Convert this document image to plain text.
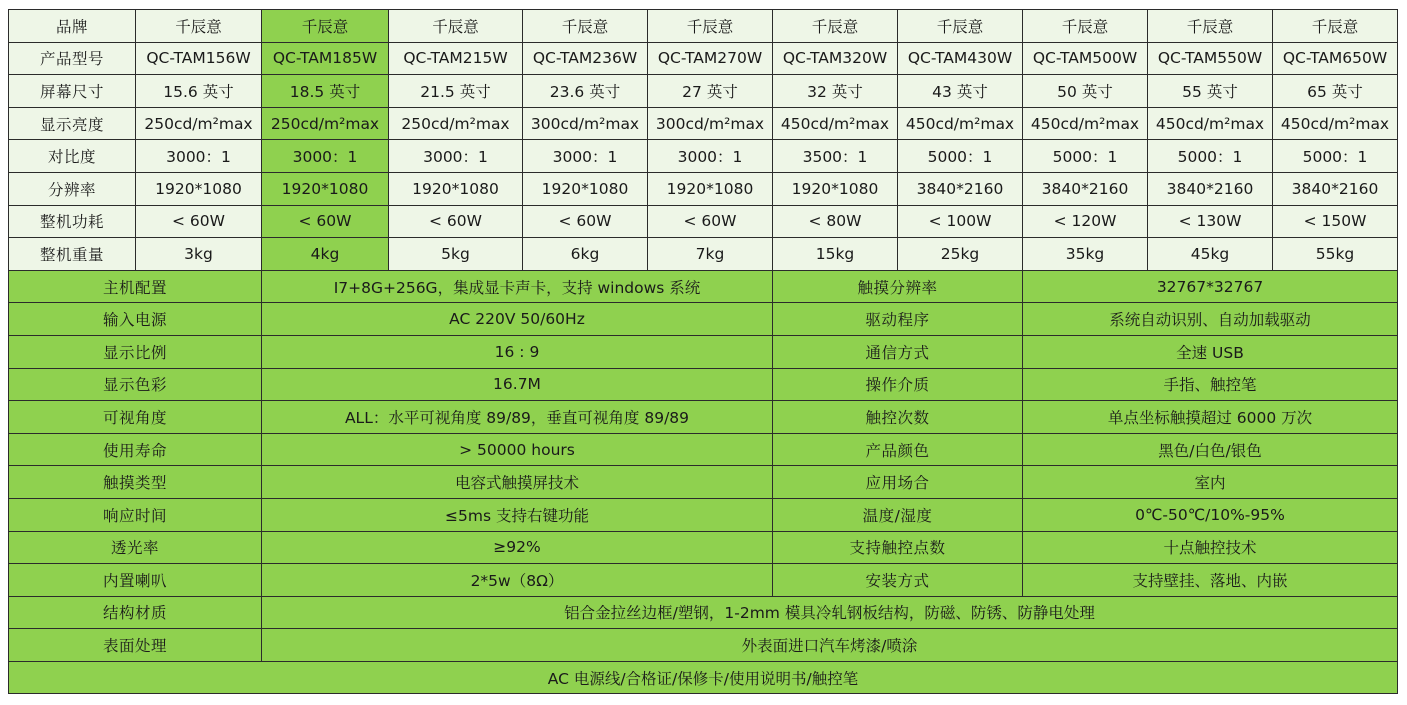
品牌	千辰意	千辰意	千辰意	千辰意	千辰意	千辰意	千辰意	千辰意	千辰意	千辰意
产品型号	QC-TAM156W	QC-TAM185W	QC-TAM215W	QC-TAM236W	QC-TAM270W	QC-TAM320W	QC-TAM430W	QC-TAM500W	QC-TAM550W	QC-TAM650W
屏幕尺寸	15.6 英寸	18.5 英寸	21.5 英寸	23.6 英寸	27 英寸	32 英寸	43 英寸	50 英寸	55 英寸	65 英寸
显示亮度	250cd/m²max	250cd/m²max	250cd/m²max	300cd/m²max	300cd/m²max	450cd/m²max	450cd/m²max	450cd/m²max	450cd/m²max	450cd/m²max
对比度	3000：1	3000：1	3000：1	3000：1	3000：1	3500：1	5000：1	5000：1	5000：1	5000：1
分辨率	1920*1080	1920*1080	1920*1080	1920*1080	1920*1080	1920*1080	3840*2160	3840*2160	3840*2160	3840*2160
整机功耗	< 60W	< 60W	< 60W	< 60W	< 60W	< 80W	< 100W	< 120W	< 130W	< 150W
整机重量	3kg	4kg	5kg	6kg	7kg	15kg	25kg	35kg	45kg	55kg
主机配置		I7+8G+256G，集成显卡声卡，支持 windows 系统				触摸分辨率		32767*32767		
输入电源		AC 220V 50/60Hz				驱动程序		系统自动识别、自动加载驱动		
显示比例		16 : 9				通信方式		全速 USB		
显示色彩		16.7M				操作介质		手指、触控笔		
可视角度		ALL：水平可视角度 89/89，垂直可视角度 89/89				触控次数		单点坐标触摸超过 6000 万次		
使用寿命		> 50000 hours				产品颜色		黑色/白色/银色		
触摸类型		电容式触摸屏技术				应用场合		室内		
响应时间		≤5ms 支持右键功能				温度/湿度		0℃-50℃/10%-95%		
透光率		≥92%				支持触控点数		十点触控技术		
内置喇叭		2*5w（8Ω）				安装方式		支持壁挂、落地、内嵌		
结构材质		铝合金拉丝边框/塑钢，1-2mm 模具冷轧钢板结构，防磁、防锈、防静电处理								
表面处理		外表面进口汽车烤漆/喷涂								
AC 电源线/合格证/保修卡/使用说明书/触控笔										
